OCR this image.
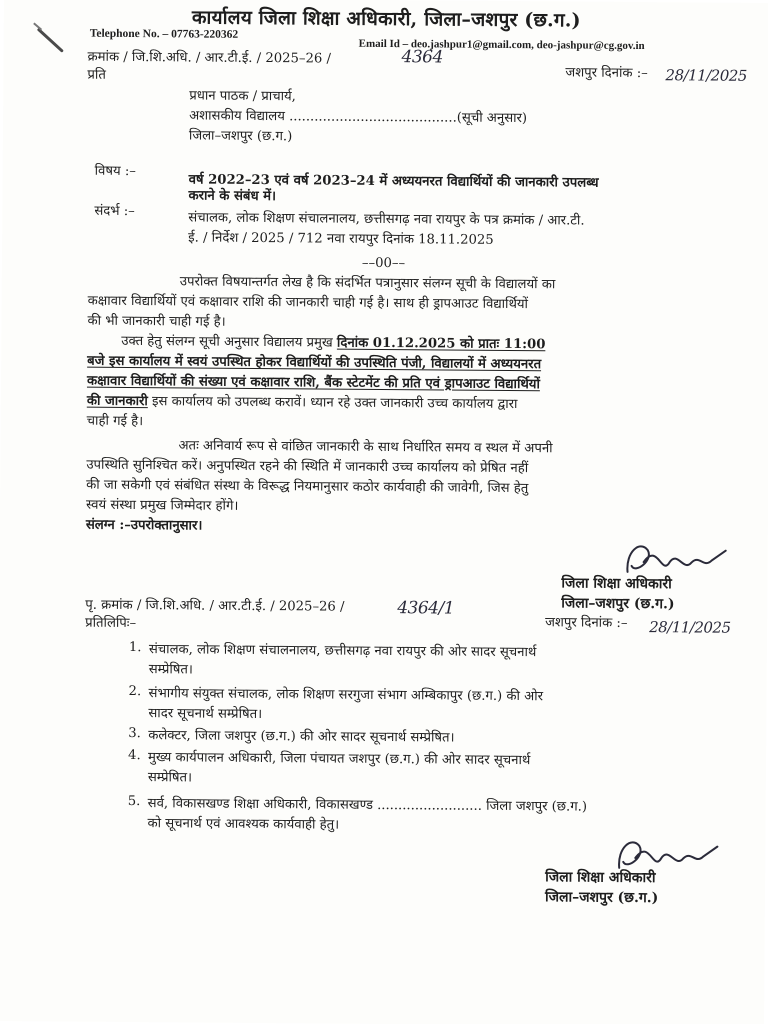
कार्यालय जिला शिक्षा अधिकारी, जिला–जशपुर (छ.ग.)
Telephone No. – 07763-220362
Email Id – deo.jashpur1@gmail.com, deo-jashpur@cg.gov.in
क्रमांक / जि.शि.अधि. / आर.टी.ई. / 2025–26 /	4364
प्रति	जशपुर दिनांक :– 28/11/2025
प्रधान पाठक / प्राचार्य,
अशासकीय विद्यालय ........................................(सूची अनुसार)
जिला–जशपुर (छ.ग.)
विषय :–
वर्ष 2022–23 एवं वर्ष 2023–24 में अध्ययनरत विद्यार्थियों की जानकारी उपलब्ध
कराने के संबंध में।
संदर्भ :–	संचालक, लोक शिक्षण संचालनालय, छत्तीसगढ़ नवा रायपुर के पत्र क्रमांक / आर.टी.
ई. / निर्देश / 2025 / 712 नवा रायपुर दिनांक 18.11.2025
––00––
उपरोक्त विषयान्तर्गत लेख है कि संदर्भित पत्रानुसार संलग्न सूची के विद्यालयों का
कक्षावार विद्यार्थियों एवं कक्षावार राशि की जानकारी चाही गई है। साथ ही ड्रापआउट विद्यार्थियों
की भी जानकारी चाही गई है।
उक्त हेतु संलग्न सूची अनुसार विद्यालय प्रमुख दिनांक 01.12.2025 को प्रातः 11:00
बजे इस कार्यालय में स्वयं उपस्थित होकर विद्यार्थियों की उपस्थिति पंजी, विद्यालयों में अध्ययनरत
कक्षावार विद्यार्थियों की संख्या एवं कक्षावार राशि, बैंक स्टेटमेंट की प्रति एवं ड्रापआउट विद्यार्थियों
की जानकारी इस कार्यालय को उपलब्ध करावें। ध्यान रहे उक्त जानकारी उच्च कार्यालय द्वारा
चाही गई है।
अतः अनिवार्य रूप से वांछित जानकारी के साथ निर्धारित समय व स्थल में अपनी
उपस्थिति सुनिश्चित करें। अनुपस्थित रहने की स्थिति में जानकारी उच्च कार्यालय को प्रेषित नहीं
की जा सकेगी एवं संबंधित संस्था के विरूद्ध नियमानुसार कठोर कार्यवाही की जावेगी, जिस हेतु
स्वयं संस्था प्रमुख जिम्मेदार होंगे।
संलग्न :–उपरोक्तानुसार।
जिला शिक्षा अधिकारी
जिला–जशपुर (छ.ग.)
पृ. क्रमांक / जि.शि.अधि. / आर.टी.ई. / 2025–26 /	4364/1
प्रतिलिपिः–	जशपुर दिनांक :– 28/11/2025
1. संचालक, लोक शिक्षण संचालनालय, छत्तीसगढ़ नवा रायपुर की ओर सादर सूचनार्थ
सम्प्रेषित।
2. संभागीय संयुक्त संचालक, लोक शिक्षण सरगुजा संभाग अम्बिकापुर (छ.ग.) की ओर
सादर सूचनार्थ सम्प्रेषित।
3. कलेक्टर, जिला जशपुर (छ.ग.) की ओर सादर सूचनार्थ सम्प्रेषित।
4. मुख्य कार्यपालन अधिकारी, जिला पंचायत जशपुर (छ.ग.) की ओर सादर सूचनार्थ
सम्प्रेषित।
5. सर्व, विकासखण्ड शिक्षा अधिकारी, विकासखण्ड ......................... जिला जशपुर (छ.ग.)
को सूचनार्थ एवं आवश्यक कार्यवाही हेतु।
जिला शिक्षा अधिकारी
जिला–जशपुर (छ.ग.)
